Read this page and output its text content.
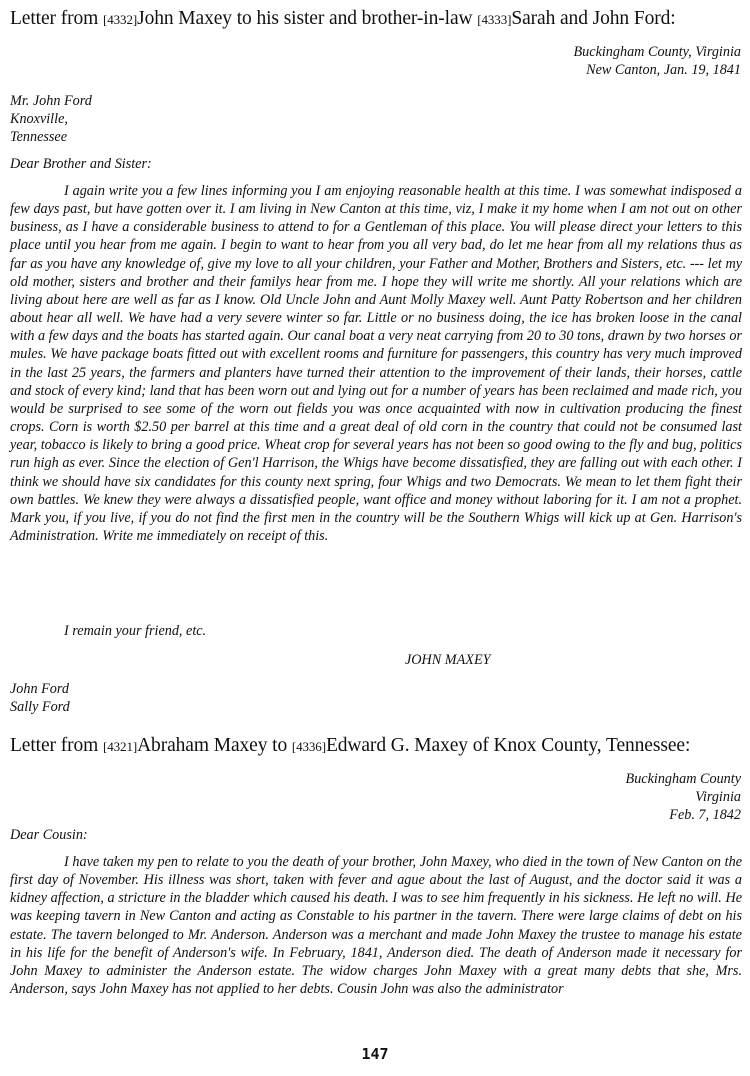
Letter from [4332]John Maxey to his sister and brother-in-law [4333]Sarah and John Ford:
Buckingham County, Virginia
New Canton, Jan. 19, 1841
Mr. John Ford
Knoxville,
Tennessee
Dear Brother and Sister:
I again write you a few lines informing you I am enjoying reasonable health at this time. I was somewhat indisposed a few days past, but have gotten over it. I am living in New Canton at this time, viz, I make it my home when I am not out on other business, as I have a considerable business to attend to for a Gentleman of this place. You will please direct your letters to this place until you hear from me again. I begin to want to hear from you all very bad, do let me hear from all my relations thus as far as you have any knowledge of, give my love to all your children, your Father and Mother, Brothers and Sisters, etc. --- let my old mother, sisters and brother and their familys hear from me. I hope they will write me shortly. All your relations which are living about here are well as far as I know. Old Uncle John and Aunt Molly Maxey well. Aunt Patty Robertson and her children about hear all well. We have had a very severe winter so far. Little or no business doing, the ice has broken loose in the canal with a few days and the boats has started again. Our canal boat a very neat carrying from 20 to 30 tons, drawn by two horses or mules. We have package boats fitted out with excellent rooms and furniture for passengers, this country has very much improved in the last 25 years, the farmers and planters have turned their attention to the improvement of their lands, their horses, cattle and stock of every kind; land that has been worn out and lying out for a number of years has been reclaimed and made rich, you would be surprised to see some of the worn out fields you was once acquainted with now in cultivation producing the finest crops. Corn is worth $2.50 per barrel at this time and a great deal of old corn in the country that could not be consumed last year, tobacco is likely to bring a good price. Wheat crop for several years has not been so good owing to the fly and bug, politics run high as ever. Since the election of Gen'l Harrison, the Whigs have become dissatisfied, they are falling out with each other. I think we should have six candidates for this county next spring, four Whigs and two Democrats. We mean to let them fight their own battles. We knew they were always a dissatisfied people, want office and money without laboring for it. I am not a prophet. Mark you, if you live, if you do not find the first men in the country will be the Southern Whigs will kick up at Gen. Harrison's Administration. Write me immediately on receipt of this.
I remain your friend, etc.
JOHN MAXEY
John Ford
Sally Ford
Letter from [4321]Abraham Maxey to [4336]Edward G. Maxey of Knox County, Tennessee:
Buckingham County
Virginia
Feb. 7, 1842
Dear Cousin:
I have taken my pen to relate to you the death of your brother, John Maxey, who died in the town of New Canton on the first day of November. His illness was short, taken with fever and ague about the last of August, and the doctor said it was a kidney affection, a stricture in the bladder which caused his death. I was to see him frequently in his sickness. He left no will. He was keeping tavern in New Canton and acting as Constable to his partner in the tavern. There were large claims of debt on his estate. The tavern belonged to Mr. Anderson. Anderson was a merchant and made John Maxey the trustee to manage his estate in his life for the benefit of Anderson's wife. In February, 1841, Anderson died. The death of Anderson made it necessary for John Maxey to administer the Anderson estate. The widow charges John Maxey with a great many debts that she, Mrs. Anderson, says John Maxey has not applied to her debts. Cousin John was also the administrator
147
